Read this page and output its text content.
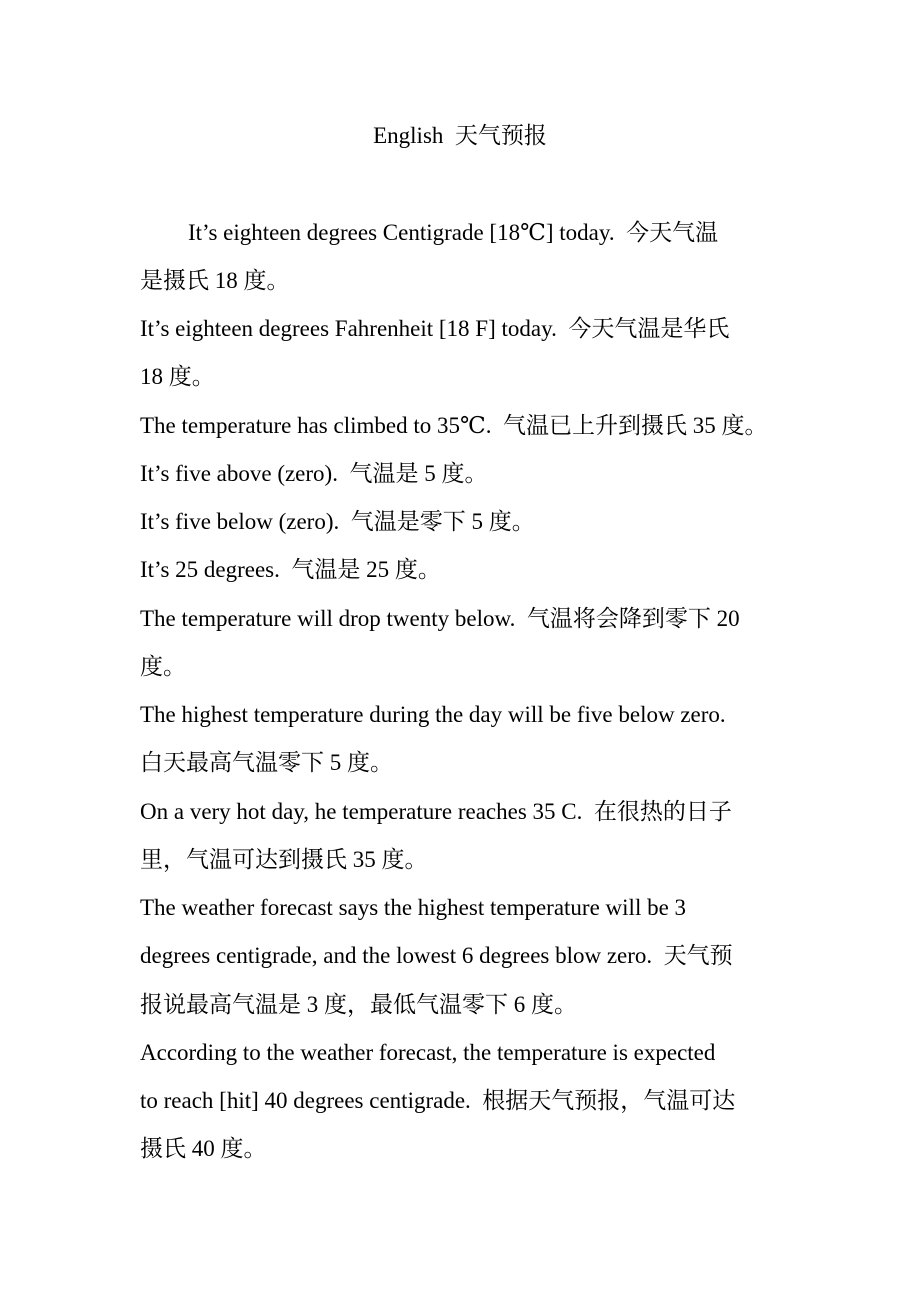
English  天气预报
It’s eighteen degrees Centigrade [18℃] today.  今天气温
是摄氏 18 度。
It’s eighteen degrees Fahrenheit [18 F] today.  今天气温是华氏
18 度。
The temperature has climbed to 35℃.  气温已上升到摄氏 35 度。
It’s five above (zero).  气温是 5 度。
It’s five below (zero).  气温是零下 5 度。
It’s 25 degrees.  气温是 25 度。
The temperature will drop twenty below.  气温将会降到零下 20
度。
The highest temperature during the day will be five below zero.
白天最高气温零下 5 度。
On a very hot day, he temperature reaches 35 C.  在很热的日子
里，气温可达到摄氏 35 度。
The weather forecast says the highest temperature will be 3
degrees centigrade, and the lowest 6 degrees blow zero.  天气预
报说最高气温是 3 度，最低气温零下 6 度。
According to the weather forecast, the temperature is expected
to reach [hit] 40 degrees centigrade.  根据天气预报，气温可达
摄氏 40 度。
